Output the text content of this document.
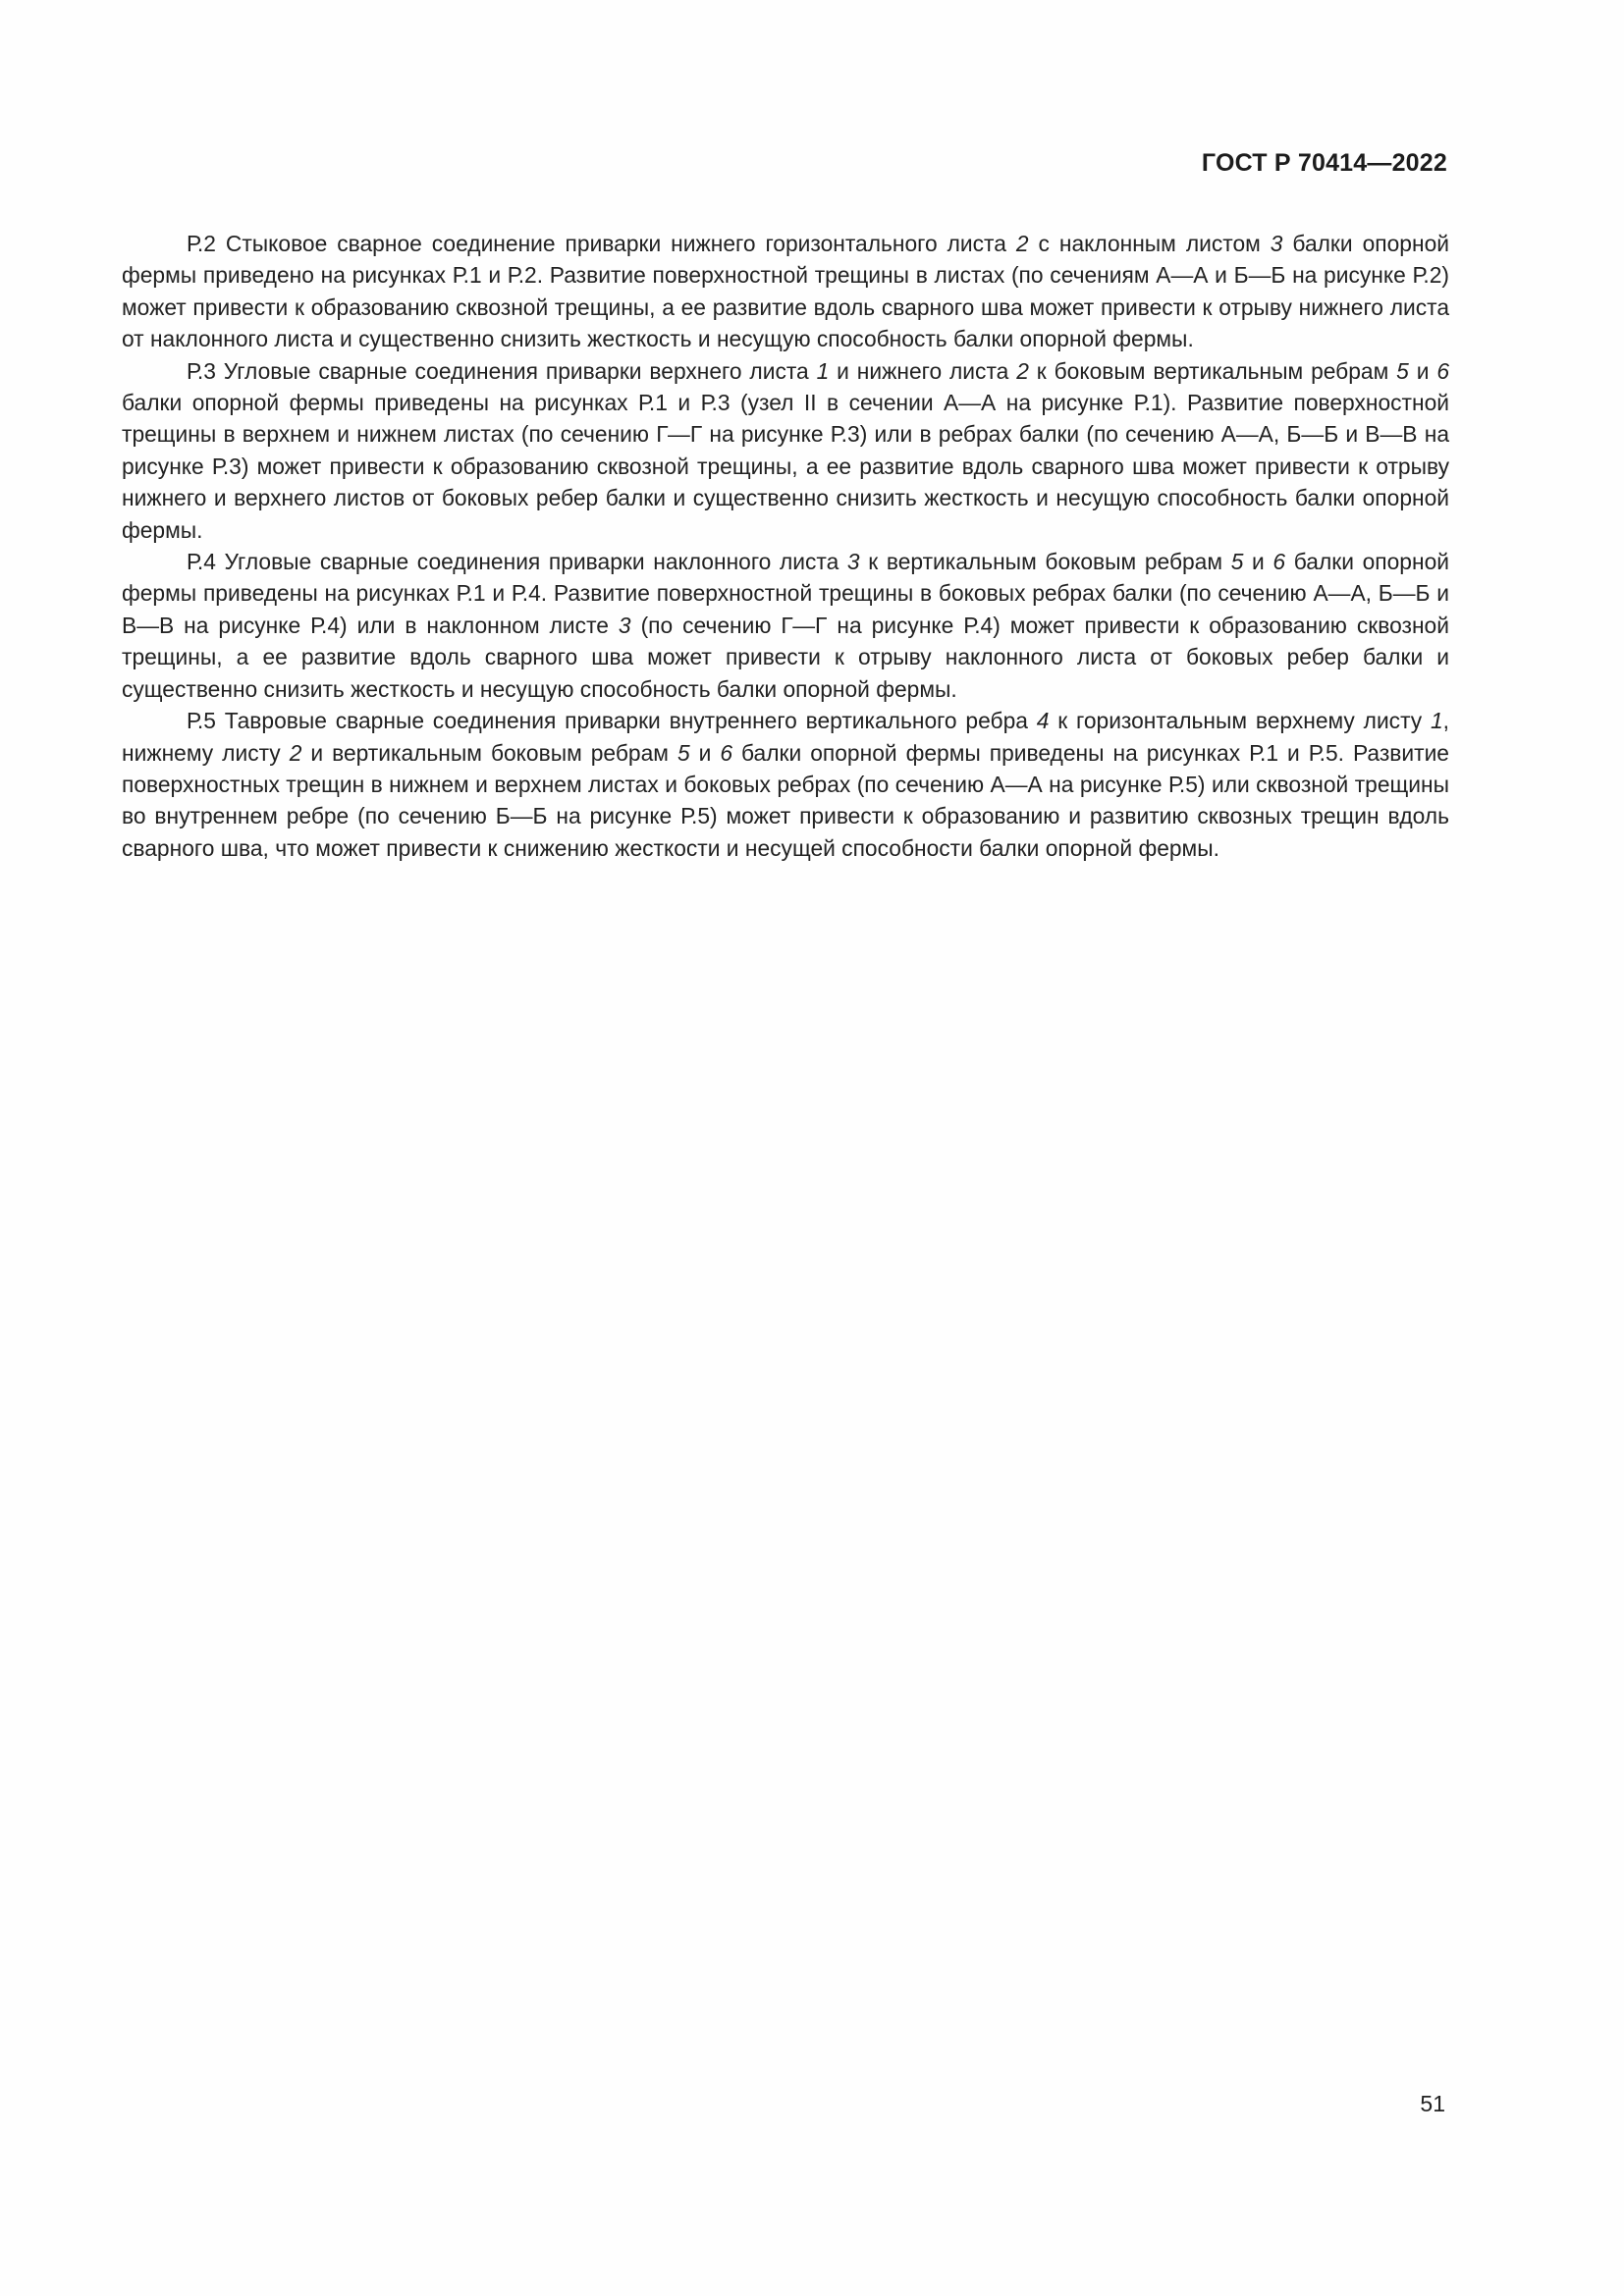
ГОСТ Р 70414—2022

Р.2 Стыковое сварное соединение приварки нижнего горизонтального листа 2 с наклонным листом 3 балки опорной фермы приведено на рисунках Р.1 и Р.2. Развитие поверхностной трещины в листах (по сечениям А—А и Б—Б на рисунке Р.2) может привести к образованию сквозной трещины, а ее развитие вдоль сварного шва может привести к отрыву нижнего листа от наклонного листа и существенно снизить жесткость и несущую способность балки опорной фермы.

Р.3 Угловые сварные соединения приварки верхнего листа 1 и нижнего листа 2 к боковым вертикальным ребрам 5 и 6 балки опорной фермы приведены на рисунках Р.1 и Р.3 (узел II в сечении А—А на рисунке Р.1). Развитие поверхностной трещины в верхнем и нижнем листах (по сечению Г—Г на рисунке Р.3) или в ребрах балки (по сечению А—А, Б—Б и В—В на рисунке Р.3) может привести к образованию сквозной трещины, а ее развитие вдоль сварного шва может привести к отрыву нижнего и верхнего листов от боковых ребер балки и существенно снизить жесткость и несущую способность балки опорной фермы.

Р.4 Угловые сварные соединения приварки наклонного листа 3 к вертикальным боковым ребрам 5 и 6 балки опорной фермы приведены на рисунках Р.1 и Р.4. Развитие поверхностной трещины в боковых ребрах балки (по сечению А—А, Б—Б и В—В на рисунке Р.4) или в наклонном листе 3 (по сечению Г—Г на рисунке Р.4) может привести к образованию сквозной трещины, а ее развитие вдоль сварного шва может привести к отрыву наклонного листа от боковых ребер балки и существенно снизить жесткость и несущую способность балки опорной фермы.

Р.5 Тавровые сварные соединения приварки внутреннего вертикального ребра 4 к горизонтальным верхнему листу 1, нижнему листу 2 и вертикальным боковым ребрам 5 и 6 балки опорной фермы приведены на рисунках Р.1 и Р.5. Развитие поверхностных трещин в нижнем и верхнем листах и боковых ребрах (по сечению А—А на рисунке Р.5) или сквозной трещины во внутреннем ребре (по сечению Б—Б на рисунке Р.5) может привести к образованию и развитию сквозных трещин вдоль сварного шва, что может привести к снижению жесткости и несущей способности балки опорной фермы.

51
